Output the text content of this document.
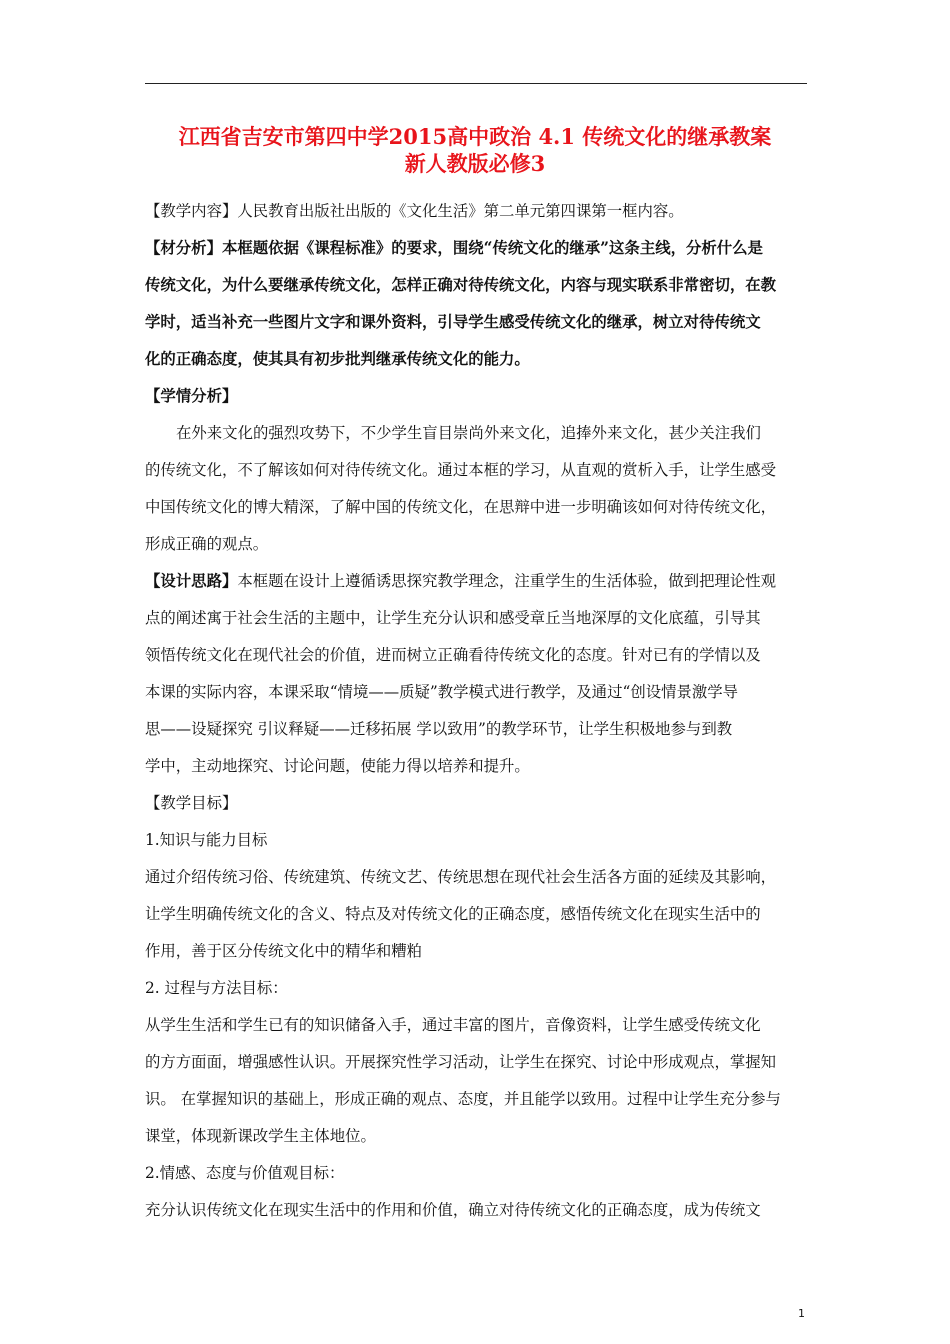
江西省吉安市第四中学2015高中政治 4.1 传统文化的继承教案
新人教版必修3
【教学内容】人民教育出版社出版的《文化生活》第二单元第四课第一框内容。
【材分析】本框题依据《课程标准》的要求，围绕“传统文化的继承”这条主线，分析什么是
传统文化，为什么要继承传统文化，怎样正确对待传统文化，内容与现实联系非常密切，在教
学时，适当补充一些图片文字和课外资料，引导学生感受传统文化的继承，树立对待传统文
化的正确态度，使其具有初步批判继承传统文化的能力。
【学情分析】
在外来文化的强烈攻势下，不少学生盲目崇尚外来文化，追捧外来文化，甚少关注我们
的传统文化，不了解该如何对待传统文化。通过本框的学习，从直观的赏析入手，让学生感受
中国传统文化的博大精深，了解中国的传统文化，在思辩中进一步明确该如何对待传统文化，
形成正确的观点。
【设计思路】本框题在设计上遵循诱思探究教学理念，注重学生的生活体验，做到把理论性观
点的阐述寓于社会生活的主题中，让学生充分认识和感受章丘当地深厚的文化底蕴，引导其
领悟传统文化在现代社会的价值，进而树立正确看待传统文化的态度。针对已有的学情以及
本课的实际内容，本课采取“情境——质疑”教学模式进行教学，及通过“创设情景激学导
思——设疑探究 引议释疑——迁移拓展 学以致用”的教学环节，让学生积极地参与到教
学中，主动地探究、讨论问题，使能力得以培养和提升。
【教学目标】
1.知识与能力目标
通过介绍传统习俗、传统建筑、传统文艺、传统思想在现代社会生活各方面的延续及其影响，
让学生明确传统文化的含义、特点及对传统文化的正确态度，感悟传统文化在现实生活中的
作用，善于区分传统文化中的精华和糟粕
2. 过程与方法目标：
从学生生活和学生已有的知识储备入手，通过丰富的图片，音像资料，让学生感受传统文化
的方方面面，增强感性认识。开展探究性学习活动，让学生在探究、讨论中形成观点，掌握知
识。 在掌握知识的基础上，形成正确的观点、态度，并且能学以致用。过程中让学生充分参与
课堂，体现新课改学生主体地位。
2.情感、态度与价值观目标：
充分认识传统文化在现实生活中的作用和价值，确立对待传统文化的正确态度，成为传统文
1
